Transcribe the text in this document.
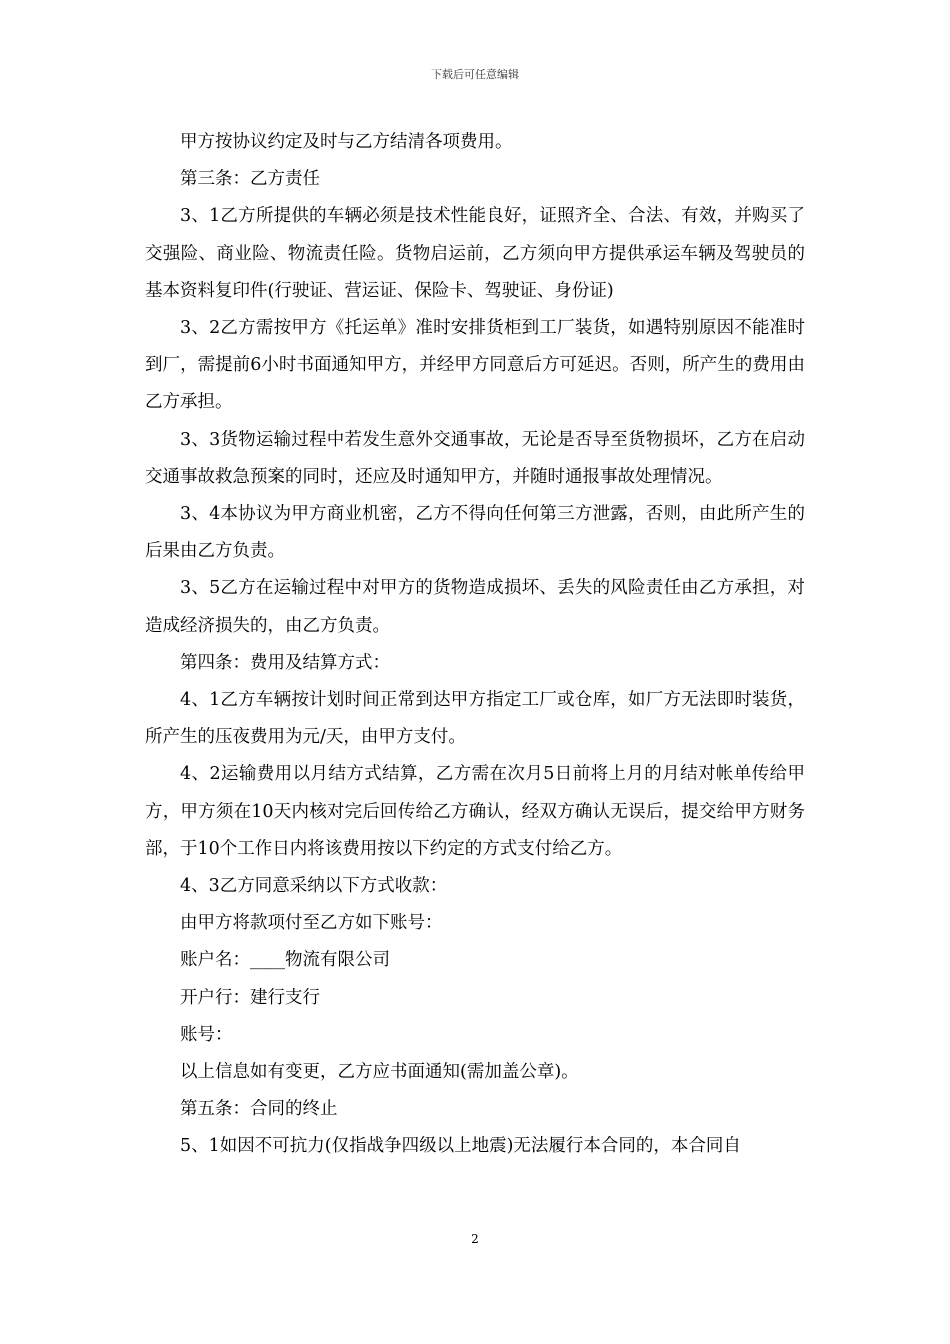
下载后可任意编辑

甲方按协议约定及时与乙方结清各项费用。

第三条：乙方责任

3、1乙方所提供的车辆必须是技术性能良好，证照齐全、合法、有效，并购买了交强险、商业险、物流责任险。货物启运前，乙方须向甲方提供承运车辆及驾驶员的基本资料复印件(行驶证、营运证、保险卡、驾驶证、身份证)

3、2乙方需按甲方《托运单》准时安排货柜到工厂装货，如遇特别原因不能准时到厂，需提前6小时书面通知甲方，并经甲方同意后方可延迟。否则，所产生的费用由乙方承担。

3、3货物运输过程中若发生意外交通事故，无论是否导至货物损坏，乙方在启动交通事故救急预案的同时，还应及时通知甲方，并随时通报事故处理情况。

3、4本协议为甲方商业机密，乙方不得向任何第三方泄露，否则，由此所产生的后果由乙方负责。

3、5乙方在运输过程中对甲方的货物造成损坏、丢失的风险责任由乙方承担，对造成经济损失的，由乙方负责。

第四条：费用及结算方式：

4、1乙方车辆按计划时间正常到达甲方指定工厂或仓库，如厂方无法即时装货，所产生的压夜费用为元/天，由甲方支付。

4、2运输费用以月结方式结算，乙方需在次月5日前将上月的月结对帐单传给甲方，甲方须在10天内核对完后回传给乙方确认，经双方确认无误后，提交给甲方财务部，于10个工作日内将该费用按以下约定的方式支付给乙方。

4、3乙方同意采纳以下方式收款：

由甲方将款项付至乙方如下账号：

账户名：____物流有限公司

开户行：建行支行

账号：

以上信息如有变更，乙方应书面通知(需加盖公章)。

第五条：合同的终止

5、1如因不可抗力(仅指战争四级以上地震)无法履行本合同的，本合同自

2
